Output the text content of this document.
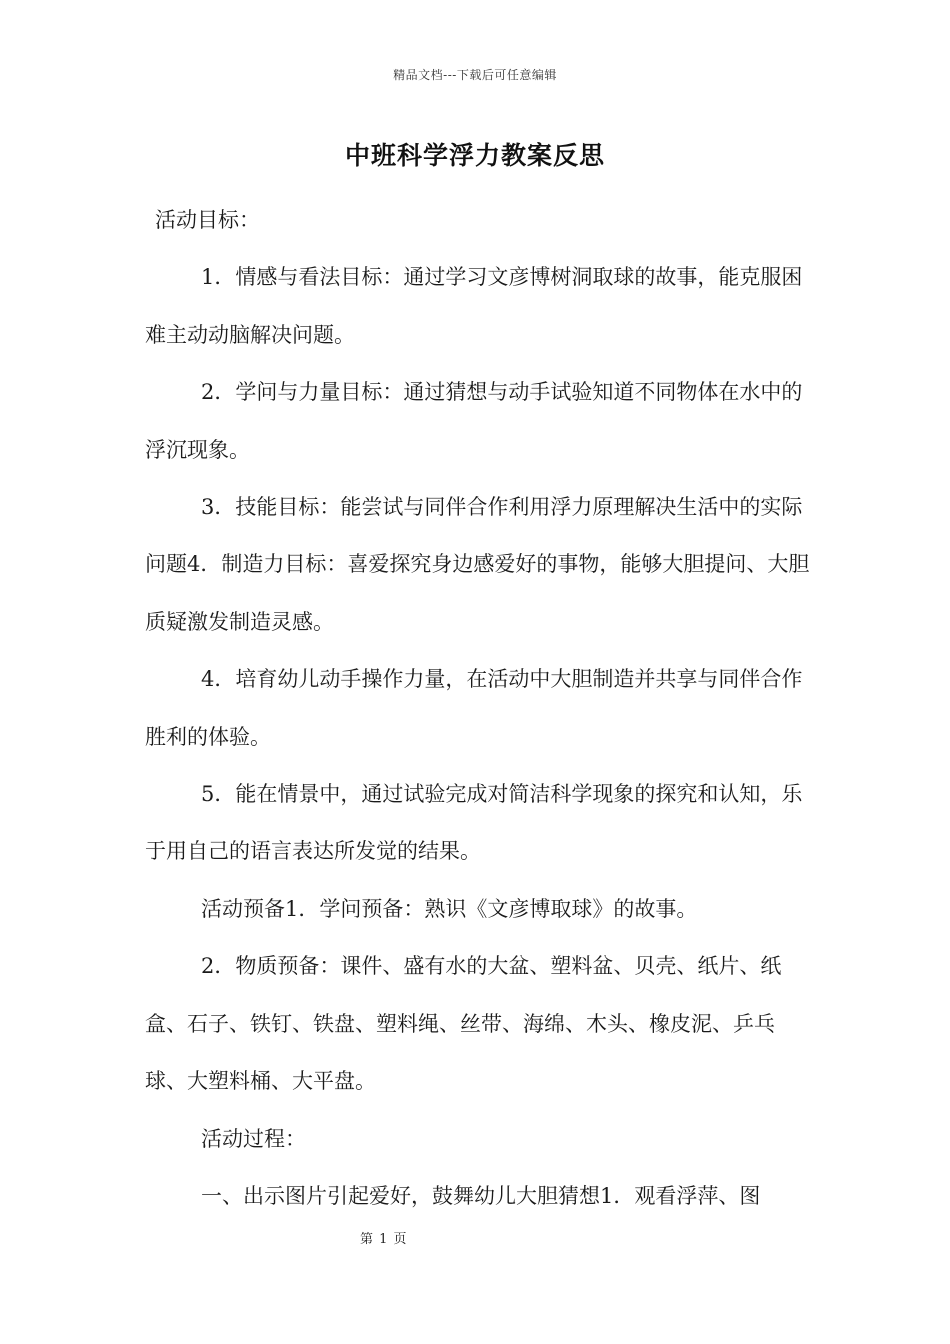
精品文档---下载后可任意编辑
中班科学浮力教案反思

活动目标：

1．情感与看法目标：通过学习文彦博树洞取球的故事，能克服困难主动动脑解决问题。

2．学问与力量目标：通过猜想与动手试验知道不同物体在水中的浮沉现象。

3．技能目标：能尝试与同伴合作利用浮力原理解决生活中的实际问题4．制造力目标：喜爱探究身边感爱好的事物，能够大胆提问、大胆质疑激发制造灵感。

4．培育幼儿动手操作力量，在活动中大胆制造并共享与同伴合作胜利的体验。

5．能在情景中，通过试验完成对简洁科学现象的探究和认知，乐于用自己的语言表达所发觉的结果。

活动预备1．学问预备：熟识《文彦博取球》的故事。

2．物质预备：课件、盛有水的大盆、塑料盆、贝壳、纸片、纸盒、石子、铁钉、铁盘、塑料绳、丝带、海绵、木头、橡皮泥、乒乓球、大塑料桶、大平盘。

活动过程：

一、出示图片引起爱好，鼓舞幼儿大胆猜想1．观看浮萍、图

第 1 页
